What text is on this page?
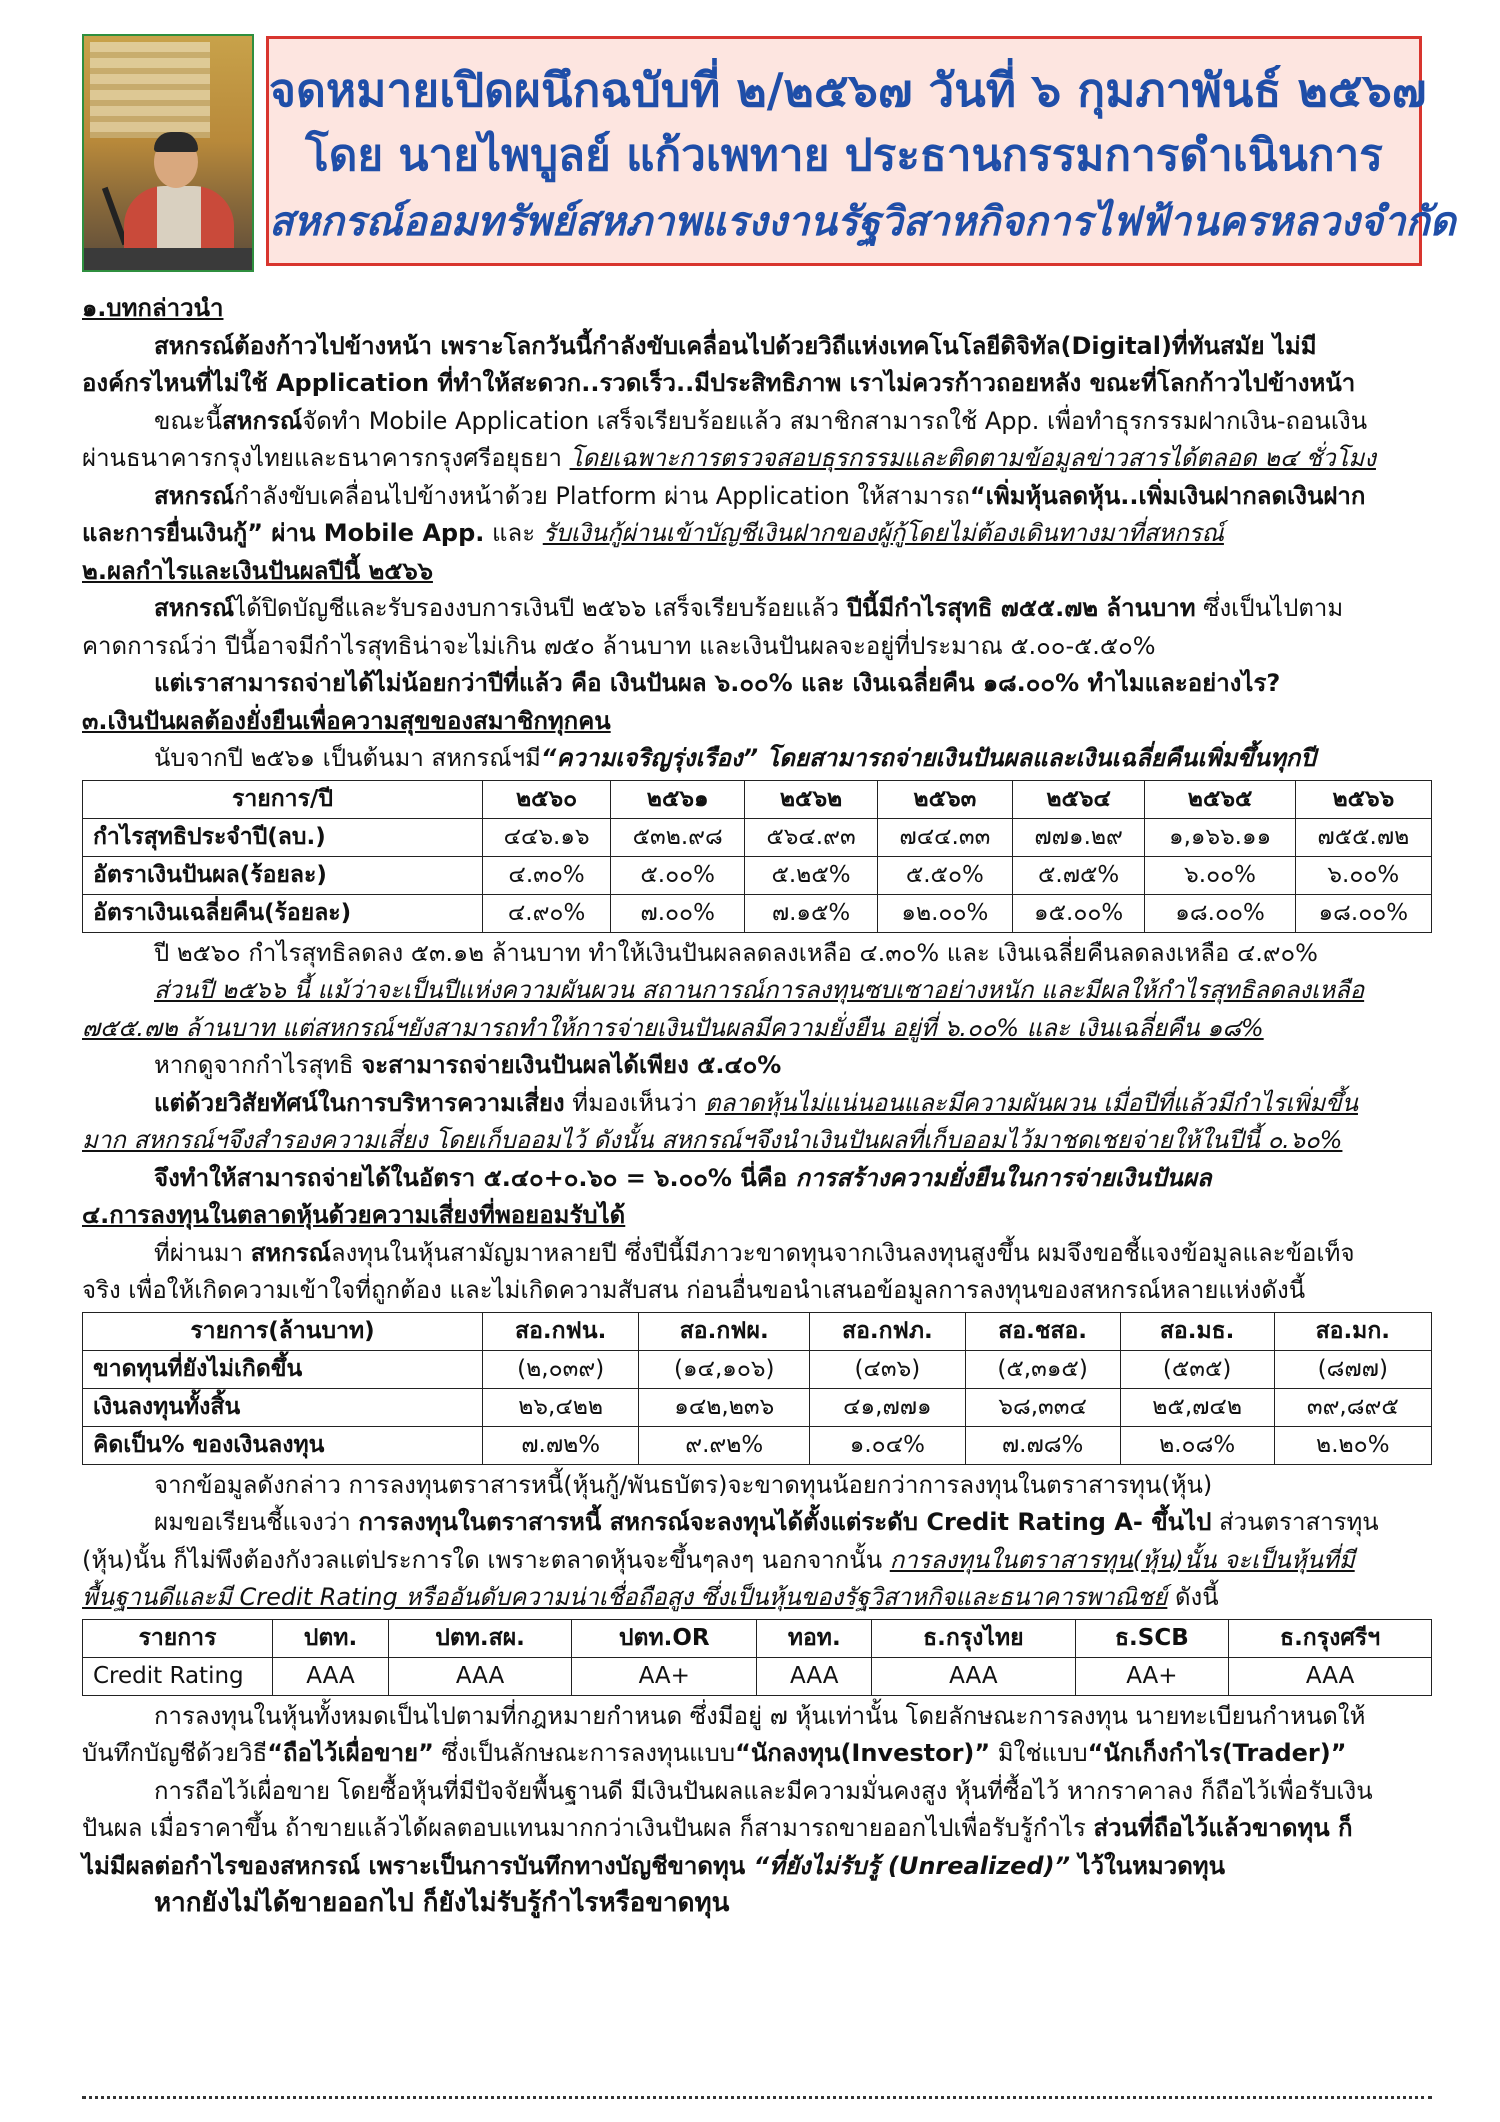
จดหมายเปิดผนึกฉบับที่ ๒/๒๕๖๗ วันที่ ๖ กุมภาพันธ์ ๒๕๖๗
โดย นายไพบูลย์ แก้วเพทาย ประธานกรรมการดำเนินการ
สหกรณ์ออมทรัพย์สหภาพแรงงานรัฐวิสาหกิจการไฟฟ้านครหลวงจำกัด
๑.บทกล่าวนำ
สหกรณ์ต้องก้าวไปข้างหน้า เพราะโลกวันนี้กำลังขับเคลื่อนไปด้วยวิถีแห่งเทคโนโลยีดิจิทัล(Digital)ที่ทันสมัย ไม่มี
องค์กรไหนที่ไม่ใช้ Application ที่ทำให้สะดวก..รวดเร็ว..มีประสิทธิภาพ เราไม่ควรก้าวถอยหลัง ขณะที่โลกก้าวไปข้างหน้า
ขณะนี้สหกรณ์จัดทำ Mobile Application เสร็จเรียบร้อยแล้ว สมาชิกสามารถใช้ App. เพื่อทำธุรกรรมฝากเงิน-ถอนเงิน
ผ่านธนาคารกรุงไทยและธนาคารกรุงศรีอยุธยา โดยเฉพาะการตรวจสอบธุรกรรมและติดตามข้อมูลข่าวสารได้ตลอด ๒๔ ชั่วโมง
สหกรณ์กำลังขับเคลื่อนไปข้างหน้าด้วย Platform ผ่าน Application ให้สามารถ“เพิ่มหุ้นลดหุ้น..เพิ่มเงินฝากลดเงินฝาก
และการยื่นเงินกู้” ผ่าน Mobile App. และ รับเงินกู้ผ่านเข้าบัญชีเงินฝากของผู้กู้โดยไม่ต้องเดินทางมาที่สหกรณ์
๒.ผลกำไรและเงินปันผลปีนี้ ๒๕๖๖
สหกรณ์ได้ปิดบัญชีและรับรองงบการเงินปี ๒๕๖๖ เสร็จเรียบร้อยแล้ว ปีนี้มีกำไรสุทธิ ๗๕๕.๗๒ ล้านบาท ซึ่งเป็นไปตาม
คาดการณ์ว่า ปีนี้อาจมีกำไรสุทธิน่าจะไม่เกิน ๗๕๐ ล้านบาท และเงินปันผลจะอยู่ที่ประมาณ ๕.๐๐-๕.๕๐%
แต่เราสามารถจ่ายได้ไม่น้อยกว่าปีที่แล้ว คือ เงินปันผล ๖.๐๐% และ เงินเฉลี่ยคืน ๑๘.๐๐% ทำไมและอย่างไร?
๓.เงินปันผลต้องยั่งยืนเพื่อความสุขของสมาชิกทุกคน
นับจากปี ๒๕๖๑ เป็นต้นมา สหกรณ์ฯมี“ความเจริญรุ่งเรือง” โดยสามารถจ่ายเงินปันผลและเงินเฉลี่ยคืนเพิ่มขึ้นทุกปี
รายการ/ปี	๒๕๖๐	๒๕๖๑	๒๕๖๒	๒๕๖๓	๒๕๖๔	๒๕๖๕	๒๕๖๖
กำไรสุทธิประจำปี(ลบ.)	๔๔๖.๑๖	๕๓๒.๙๘	๕๖๔.๙๓	๗๔๔.๓๓	๗๗๑.๒๙	๑,๑๖๖.๑๑	๗๕๕.๗๒
อัตราเงินปันผล(ร้อยละ)	๔.๓๐%	๕.๐๐%	๕.๒๕%	๕.๕๐%	๕.๗๕%	๖.๐๐%	๖.๐๐%
อัตราเงินเฉลี่ยคืน(ร้อยละ)	๔.๙๐%	๗.๐๐%	๗.๑๕%	๑๒.๐๐%	๑๕.๐๐%	๑๘.๐๐%	๑๘.๐๐%
ปี ๒๕๖๐ กำไรสุทธิลดลง ๕๓.๑๒ ล้านบาท ทำให้เงินปันผลลดลงเหลือ ๔.๓๐% และ เงินเฉลี่ยคืนลดลงเหลือ ๔.๙๐%
ส่วนปี ๒๕๖๖ นี้ แม้ว่าจะเป็นปีแห่งความผันผวน สถานการณ์การลงทุนซบเซาอย่างหนัก และมีผลให้กำไรสุทธิลดลงเหลือ
๗๕๕.๗๒ ล้านบาท แต่สหกรณ์ฯยังสามารถทำให้การจ่ายเงินปันผลมีความยั่งยืน อยู่ที่ ๖.๐๐% และ เงินเฉลี่ยคืน ๑๘%
หากดูจากกำไรสุทธิ จะสามารถจ่ายเงินปันผลได้เพียง ๕.๔๐%
แต่ด้วยวิสัยทัศน์ในการบริหารความเสี่ยง ที่มองเห็นว่า ตลาดหุ้นไม่แน่นอนและมีความผันผวน เมื่อปีที่แล้วมีกำไรเพิ่มขึ้น
มาก สหกรณ์ฯจึงสำรองความเสี่ยง โดยเก็บออมไว้ ดังนั้น สหกรณ์ฯจึงนำเงินปันผลที่เก็บออมไว้มาชดเชยจ่ายให้ในปีนี้ ๐.๖๐%
จึงทำให้สามารถจ่ายได้ในอัตรา ๕.๔๐+๐.๖๐ = ๖.๐๐% นี่คือ การสร้างความยั่งยืนในการจ่ายเงินปันผล
๔.การลงทุนในตลาดหุ้นด้วยความเสี่ยงที่พอยอมรับได้
ที่ผ่านมา สหกรณ์ลงทุนในหุ้นสามัญมาหลายปี ซึ่งปีนี้มีภาวะขาดทุนจากเงินลงทุนสูงขึ้น ผมจึงขอชี้แจงข้อมูลและข้อเท็จ
จริง เพื่อให้เกิดความเข้าใจที่ถูกต้อง และไม่เกิดความสับสน ก่อนอื่นขอนำเสนอข้อมูลการลงทุนของสหกรณ์หลายแห่งดังนี้
รายการ(ล้านบาท)	สอ.กฟน.	สอ.กฟผ.	สอ.กฟภ.	สอ.ชสอ.	สอ.มธ.	สอ.มก.
ขาดทุนที่ยังไม่เกิดขึ้น	(๒,๐๓๙)	(๑๔,๑๐๖)	(๔๓๖)	(๕,๓๑๕)	(๕๓๕)	(๘๗๗)
เงินลงทุนทั้งสิ้น	๒๖,๔๒๒	๑๔๒,๒๓๖	๔๑,๗๗๑	๖๘,๓๓๔	๒๕,๗๔๒	๓๙,๘๙๕
คิดเป็น% ของเงินลงทุน	๗.๗๒%	๙.๙๒%	๑.๐๔%	๗.๗๘%	๒.๐๘%	๒.๒๐%
จากข้อมูลดังกล่าว การลงทุนตราสารหนี้(หุ้นกู้/พันธบัตร)จะขาดทุนน้อยกว่าการลงทุนในตราสารทุน(หุ้น)
ผมขอเรียนชี้แจงว่า การลงทุนในตราสารหนี้ สหกรณ์จะลงทุนได้ตั้งแต่ระดับ Credit Rating A- ขึ้นไป ส่วนตราสารทุน
(หุ้น)นั้น ก็ไม่พึงต้องกังวลแต่ประการใด เพราะตลาดหุ้นจะขึ้นๆลงๆ นอกจากนั้น การลงทุนในตราสารทุน(หุ้น)นั้น จะเป็นหุ้นที่มี
พื้นฐานดีและมี Credit Rating หรืออันดับความน่าเชื่อถือสูง ซึ่งเป็นหุ้นของรัฐวิสาหกิจและธนาคารพาณิชย์ ดังนี้
รายการ	ปตท.	ปตท.สผ.	ปตท.OR	ทอท.	ธ.กรุงไทย	ธ.SCB	ธ.กรุงศรีฯ
Credit Rating	AAA	AAA	AA+	AAA	AAA	AA+	AAA
การลงทุนในหุ้นทั้งหมดเป็นไปตามที่กฎหมายกำหนด ซึ่งมีอยู่ ๗ หุ้นเท่านั้น โดยลักษณะการลงทุน นายทะเบียนกำหนดให้
บันทึกบัญชีด้วยวิธี“ถือไว้เผื่อขาย” ซึ่งเป็นลักษณะการลงทุนแบบ“นักลงทุน(Investor)” มิใช่แบบ“นักเก็งกำไร(Trader)”
การถือไว้เผื่อขาย โดยซื้อหุ้นที่มีปัจจัยพื้นฐานดี มีเงินปันผลและมีความมั่นคงสูง หุ้นที่ซื้อไว้ หากราคาลง ก็ถือไว้เพื่อรับเงิน
ปันผล เมื่อราคาขึ้น ถ้าขายแล้วได้ผลตอบแทนมากกว่าเงินปันผล ก็สามารถขายออกไปเพื่อรับรู้กำไร ส่วนที่ถือไว้แล้วขาดทุน ก็
ไม่มีผลต่อกำไรของสหกรณ์ เพราะเป็นการบันทึกทางบัญชีขาดทุน “ที่ยังไม่รับรู้ (Unrealized)” ไว้ในหมวดทุน
หากยังไม่ได้ขายออกไป ก็ยังไม่รับรู้กำไรหรือขาดทุน
